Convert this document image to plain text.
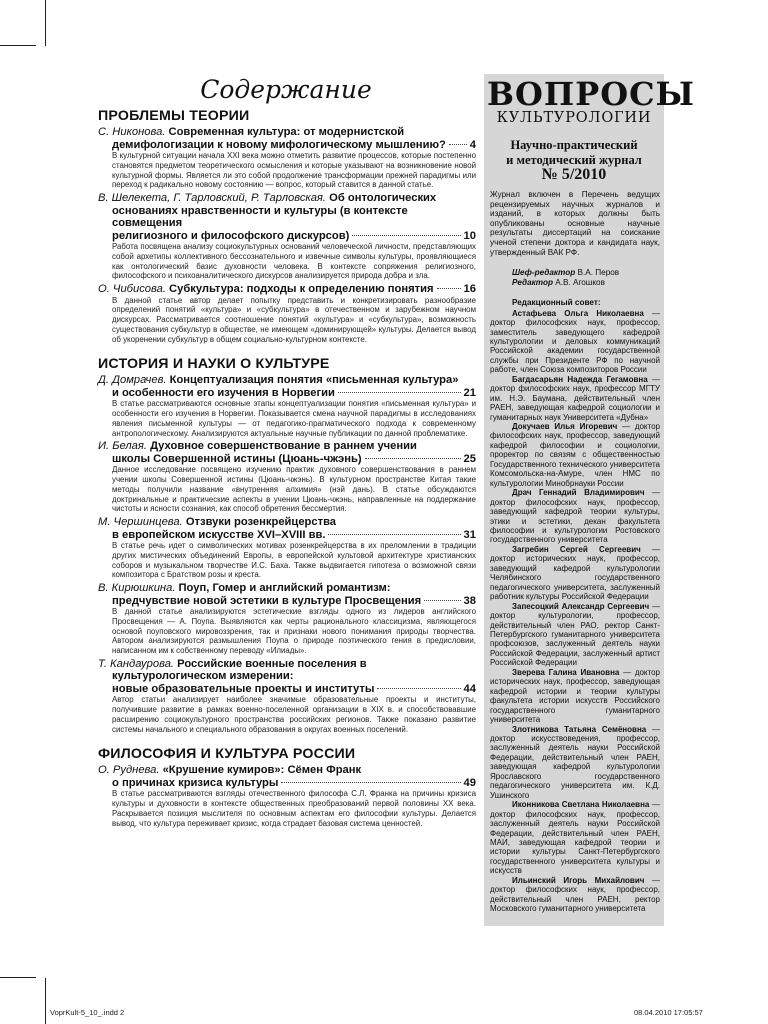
Содержание
ПРОБЛЕМЫ ТЕОРИИ
С. Никонова. Современная культура: от модернистской
демифологизации к новому мифологическому мышлению? 4
В культурной ситуации начала XXI века можно отметить развитие процессов, которые постепенно становятся предметом теоретического осмысления и которые указывают на возникновение новой культурной формы. Является ли это собой продолжение трансформации прежней парадигмы или переход к радикально новому состоянию — вопрос, который ставится в данной статье.
В. Шелекета, Г. Тарловский, Р. Тарловская. Об онтологических основаниях нравственности и культуры (в контексте совмещения
религиозного и философского дискурсов)	10
Работа посвящена анализу социокультурных оснований человеческой личности, представляющих собой архетипы коллективного бессознательного и извечные символы культуры, проявляющиеся как онтологический базис духовности человека. В контексте сопряжения религиозного, философского и психоаналитического дискурсов анализируется природа добра и зла.
О. Чибисова.
Субкультура: подходы к определению понятия	16
В данной статье автор делает попытку представить и конкретизировать разнообразие определений понятий «культура» и «субкультура» в отечественном и зарубежном научном дискурсах. Рассматривается соотношение понятий «культура» и «субкультура», возможность существования субкультур в обществе, не имеющем «доминирующей» культуры. Делается вывод об укоренении субкультур в общем социально-культурном контексте.
ИСТОРИЯ И НАУКИ О КУЛЬТУРЕ
Д. Домрачев. Концептуализация понятия «письменная культура»
и особенности его изучения в Норвегии	21
В статье рассматриваются основные этапы концептуализации понятия «письменная культура» и особенности его изучения в Норвегии. Показывается смена научной парадигмы в исследованиях явления письменной культуры — от педагогико-прагматического подхода к современному антропологическому. Анализируются актуальные научные публикации по данной проблематике.
И. Белая. Духовное совершенствование в раннем учении
школы Совершенной истины (Цюань-чжэнь)	25
Данное исследование посвящено изучению практик духовного совершенствования в раннем учении школы Совершенной истины (Цюань-чжэнь). В культурном пространстве Китая такие методы получили название «внутренняя алхимия» (нэй дань). В статье обсуждаются доктринальные и практические аспекты в учении Цюань-чжэнь, направленные на поддержание чистоты и ясности сознания, как способ обретения бессмертия.
М. Чершинцева. Отзвуки розенкрейцерства
в европейском искусстве XVI–XVIII вв.	31
В статье речь идет о символических мотивах розенкрейцерства в их преломлении в традиции других мистических объединений Европы, в европейской культовой архитектуре христианских соборов и музыкальном творчестве И.С. Баха. Также выдвигается гипотеза о возможной связи композитора с Братством розы и креста.
В. Кирюшкина. Поуп, Гомер и английский романтизм:
предчувствие новой эстетики в культуре Просвещения	38
В данной статье анализируются эстетические взгляды одного из лидеров английского Просвещения — А. Поупа. Выявляются как черты рационального классицизма, являющегося основой поуповского мировоззрения, так и признаки нового понимания природы творчества. Автором анализируются размышления Поупа о природе поэтического гения в предисловии, написанном им к собственному переводу «Илиады».
Т. Кандаурова. Российские военные поселения в культурологическом измерении:
новые образовательные проекты и институты	44
Автор статьи анализирует наиболее значимые образовательные проекты и институты, получившие развитие в рамках военно-поселенной организации в XIX в. и способствовавшие расширению социокультурного пространства российских регионов. Также показано развитие системы начального и специального образования в округах военных поселений.
ФИЛОСОФИЯ И КУЛЬТУРА РОССИИ
О. Руднева. «Крушение кумиров»: Сёмен Франк
о причинах кризиса культуры	49
В статье рассматриваются взгляды отечественного философа С.Л. Франка на причины кризиса культуры и духовности в контексте общественных преобразований первой половины XX века. Раскрывается позиция мыслителя по основным аспектам его философии культуры. Делается вывод, что культура переживает кризис, когда страдает базовая система ценностей.
ВОПРОСЫ
КУЛЬТУРОЛОГИИ
Научно-практический
и методический журнал
№ 5/2010
Журнал включен в Перечень ведущих рецензируемых научных журналов и изданий, в которых должны быть опубликованы основные научные результаты диссертаций на соискание ученой степени доктора и кандидата наук, утвержденный ВАК РФ.
Шеф-редактор В.А. Перов
Редактор А.В. Агошков
Редакционный совет:
Астафьева Ольга Николаевна — доктор философских наук, профессор, заместитель заведующего кафедрой культурологии и деловых коммуникаций Российской академии государственной службы при Президенте РФ по научной работе, член Союза композиторов России
Багдасарьян Надежда Гегамовна — доктор философских наук, профессор МГТУ им. Н.Э. Баумана, действительный член РАЕН, заведующая кафедрой социологии и гуманитарных наук Университета «Дубна»
Докучаев Илья Игоревич — доктор философских наук, профессор, заведующий кафедрой философии и социологии, проректор по связям с общественностью Государственного технического университета Комсомольска-на-Амуре, член НМС по культурологии Минобрнауки России
Драч Геннадий Владимирович — доктор философских наук, профессор, заведующий кафедрой теории культуры, этики и эстетики, декан факультета философии и культурологии Ростовского государственного университета
Загребин Сергей Сергеевич — доктор исторических наук, профессор, заведующий кафедрой культурологии Челябинского государственного педагогического университета, заслуженный работник культуры Российской Федерации
Запесоцкий Александр Сергеевич — доктор культурологии, профессор, действительный член РАО, ректор Санкт-Петербургского гуманитарного университета профсоюзов, заслуженный деятель науки Российской Федерации, заслуженный артист Российской Федерации
Зверева Галина Ивановна — доктор исторических наук, профессор, заведующая кафедрой истории и теории культуры факультета истории искусств Российского государственного гуманитарного университета
Злотникова Татьяна Семёновна — доктор искусствоведения, профессор, заслуженный деятель науки Российской Федерации, действительный член РАЕН, заведующая кафедрой культурологии Ярославского государственного педагогического университета им. К.Д. Ушинского
Иконникова Светлана Николаевна — доктор философских наук, профессор, заслуженный деятель науки Российской Федерации, действительный член РАЕН, МАИ, заведующая кафедрой теории и истории культуры Санкт-Петербургского государственного университета культуры и искусств
Ильинский Игорь Михайлович — доктор философских наук, профессор, действительный член РАЕН, ректор Московского гуманитарного университета
VoprKult-5_10_.indd 2	08.04.2010 17:05:57
